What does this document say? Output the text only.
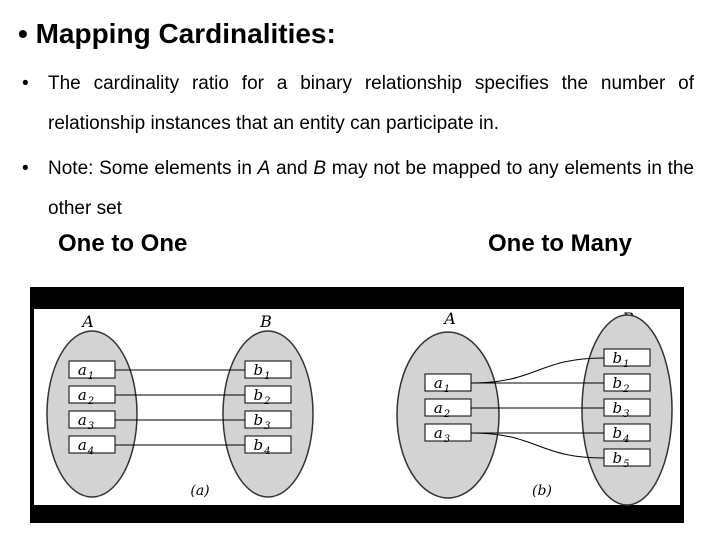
• Mapping Cardinalities:
• The cardinality ratio for a binary relationship specifies the number of relationship instances that an entity can participate in.
• Note: Some elements in A and B may not be mapped to any elements in the other set
One to One	One to Many
A	B
$a_1$
$a_2$
$a_3$
$a_4$
$b_1$
$b_2$
$b_3$
$b_4$
(a)
A
$a_1$
$a_2$
$a_3$
$b_1$
$b_2$
$b_3$
$b_4$
$b_5$
(b)
